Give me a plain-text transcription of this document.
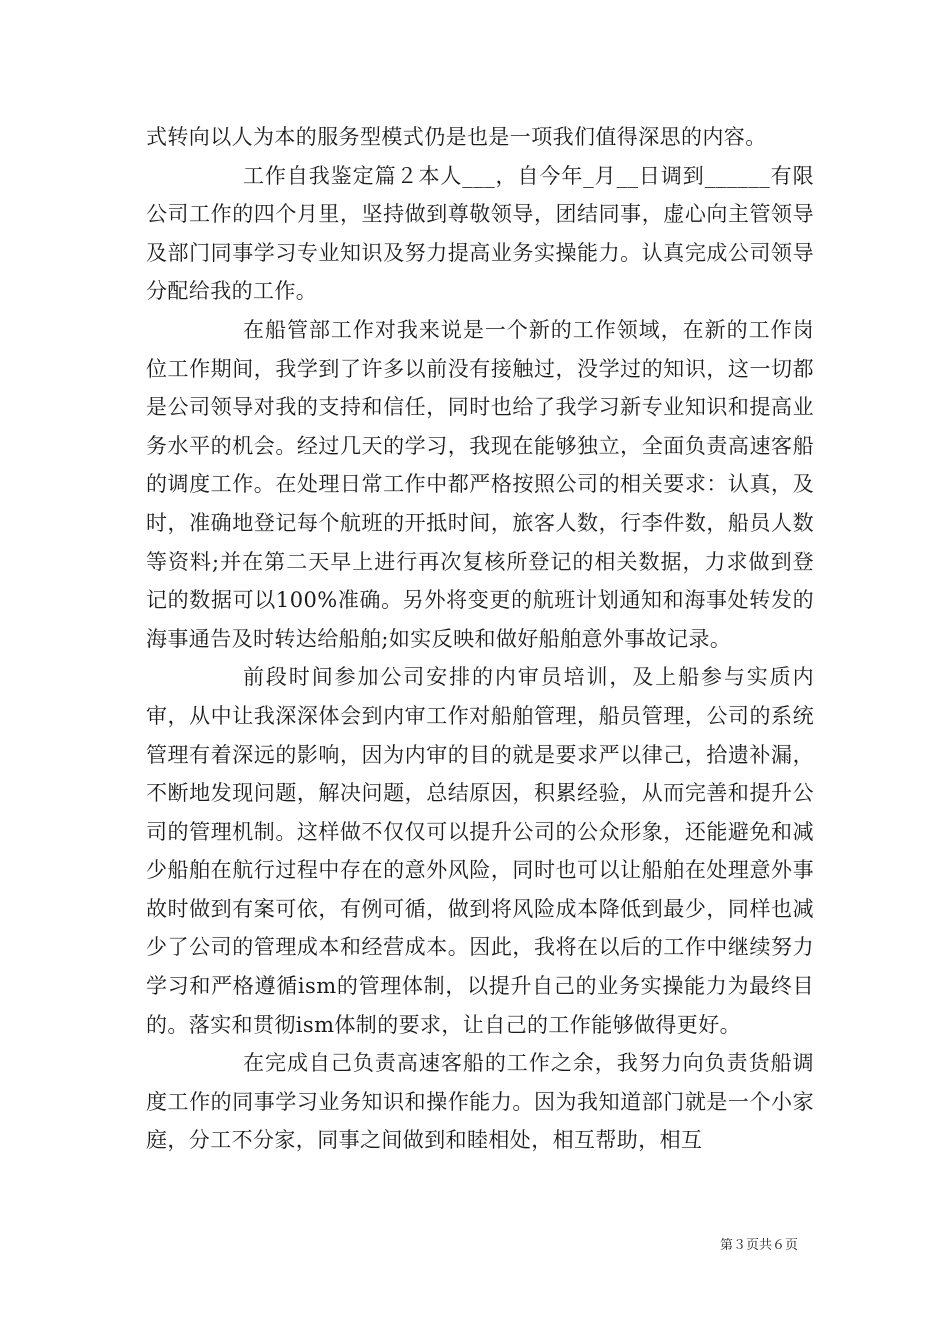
式转向以人为本的服务型模式仍是也是一项我们值得深思的内容。

工作自我鉴定篇２本人___，自今年_月__日调到______有限公司工作的四个月里，坚持做到尊敬领导，团结同事，虚心向主管领导及部门同事学习专业知识及努力提高业务实操能力。认真完成公司领导分配给我的工作。

在船管部工作对我来说是一个新的工作领域，在新的工作岗位工作期间，我学到了许多以前没有接触过，没学过的知识，这一切都是公司领导对我的支持和信任，同时也给了我学习新专业知识和提高业务水平的机会。经过几天的学习，我现在能够独立，全面负责高速客船的调度工作。在处理日常工作中都严格按照公司的相关要求：认真，及时，准确地登记每个航班的开抵时间，旅客人数，行李件数，船员人数等资料;并在第二天早上进行再次复核所登记的相关数据，力求做到登记的数据可以100%准确。另外将变更的航班计划通知和海事处转发的海事通告及时转达给船舶;如实反映和做好船舶意外事故记录。

前段时间参加公司安排的内审员培训，及上船参与实质内审，从中让我深深体会到内审工作对船舶管理，船员管理，公司的系统管理有着深远的影响，因为内审的目的就是要求严以律己，拾遗补漏，不断地发现问题，解决问题，总结原因，积累经验，从而完善和提升公司的管理机制。这样做不仅仅可以提升公司的公众形象，还能避免和减少船舶在航行过程中存在的意外风险，同时也可以让船舶在处理意外事故时做到有案可依，有例可循，做到将风险成本降低到最少，同样也减少了公司的管理成本和经营成本。因此，我将在以后的工作中继续努力学习和严格遵循ism的管理体制，以提升自己的业务实操能力为最终目的。落实和贯彻ism体制的要求，让自己的工作能够做得更好。

在完成自己负责高速客船的工作之余，我努力向负责货船调度工作的同事学习业务知识和操作能力。因为我知道部门就是一个小家庭，分工不分家，同事之间做到和睦相处，相互帮助，相互

第３页共６页
